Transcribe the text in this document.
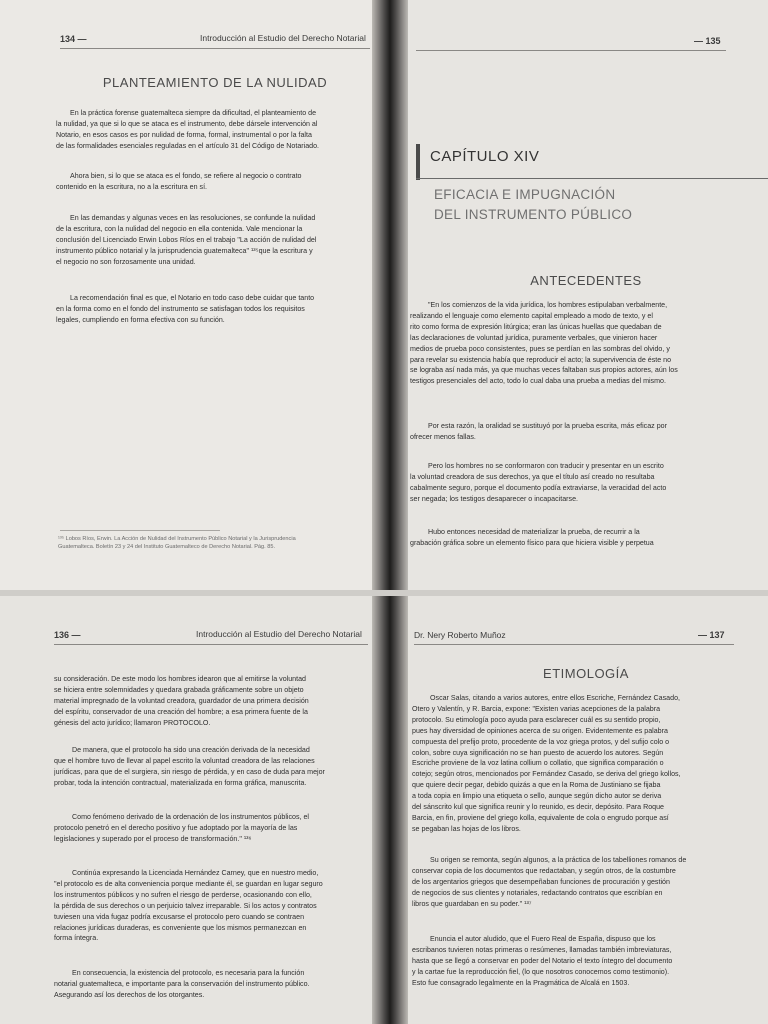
134 —	Introducción al Estudio del Derecho Notarial
PLANTEAMIENTO DE LA NULIDAD
En la práctica forense guatemalteca siempre da dificultad, el planteamiento de
la nulidad, ya que si lo que se ataca es el instrumento, debe dársele intervención al
Notario, en esos casos es por nulidad de forma, formal, instrumental o por la falta
de las formalidades esenciales reguladas en el artículo 31 del Código de Notariado.
Ahora bien, si lo que se ataca es el fondo, se refiere al negocio o contrato
contenido en la escritura, no a la escritura en sí.
En las demandas y algunas veces en las resoluciones, se confunde la nulidad
de la escritura, con la nulidad del negocio en ella contenida. Vale mencionar la
conclusión del Licenciado Erwin Lobos Ríos en el trabajo "La acción de nulidad del
instrumento público notarial y la jurisprudencia guatemalteca" ¹³⁵que la escritura y
el negocio no son forzosamente una unidad.
La recomendación final es que, el Notario en todo caso debe cuidar que tanto
en la forma como en el fondo del instrumento se satisfagan todos los requisitos
legales, cumpliendo en forma efectiva con su función.
¹³⁵ Lobos Ríos, Erwin. La Acción de Nulidad del Instrumento Público Notarial y la Jurisprudencia
Guatemalteca. Boletín 23 y 24 del Instituto Guatemalteco de Derecho Notarial. Pág. 85.
— 135
CAPÍTULO XIV
EFICACIA E IMPUGNACIÓN
DEL INSTRUMENTO PÚBLICO
ANTECEDENTES
"En los comienzos de la vida jurídica, los hombres estipulaban verbalmente,
realizando el lenguaje como elemento capital empleado a modo de texto, y el
rito como forma de expresión litúrgica; eran las únicas huellas que quedaban de
las declaraciones de voluntad jurídica, puramente verbales, que vinieron hacer
medios de prueba poco consistentes, pues se perdían en las sombras del olvido, y
para revelar su existencia había que reproducir el acto; la supervivencia de éste no
se lograba así nada más, ya que muchas veces faltaban sus propios actores, aún los
testigos presenciales del acto, todo lo cual daba una prueba a medias del mismo.
Por esta razón, la oralidad se sustituyó por la prueba escrita, más eficaz por
ofrecer menos fallas.
Pero los hombres no se conformaron con traducir y presentar en un escrito
la voluntad creadora de sus derechos, ya que el título así creado no resultaba
cabalmente seguro, porque el documento podía extraviarse, la veracidad del acto
ser negada; los testigos desaparecer o incapacitarse.
Hubo entonces necesidad de materializar la prueba, de recurrir a la
grabación gráfica sobre un elemento físico para que hiciera visible y perpetua
136 —	Introducción al Estudio del Derecho Notarial
su consideración. De este modo los hombres idearon que al emitirse la voluntad
se hiciera entre solemnidades y quedara grabada gráficamente sobre un objeto
material impregnado de la voluntad creadora, guardador de una primera decisión
del espíritu, conservador de una creación del hombre; a esa primera fuente de la
génesis del acto jurídico; llamaron PROTOCOLO.
De manera, que el protocolo ha sido una creación derivada de la necesidad
que el hombre tuvo de llevar al papel escrito la voluntad creadora de las relaciones
jurídicas, para que de el surgiera, sin riesgo de pérdida, y en caso de duda para mejor
probar, toda la intención contractual, materializada en forma gráfica, manuscrita.
Como fenómeno derivado de la ordenación de los instrumentos públicos, el
protocolo penetró en el derecho positivo y fue adoptado por la mayoría de las
legislaciones y superado por el proceso de transformación." ¹³⁶
Continúa expresando la Licenciada Hernández Carney, que en nuestro medio,
"el protocolo es de alta conveniencia porque mediante él, se guardan en lugar seguro
los instrumentos públicos y no sufren el riesgo de perderse, ocasionando con ello,
la pérdida de sus derechos o un perjuicio talvez irreparable. Si los actos y contratos
tuviesen una vida fugaz podría excusarse el protocolo pero cuando se contraen
relaciones jurídicas duraderas, es conveniente que los mismos permanezcan en
forma íntegra.
En consecuencia, la existencia del protocolo, es necesaria para la función
notarial guatemalteca, e importante para la conservación del instrumento público.
Asegurando así los derechos de los otorgantes.
Dr. Nery Roberto Muñoz	— 137
ETIMOLOGÍA
Oscar Salas, citando a varios autores, entre ellos Escriche, Fernández Casado,
Otero y Valentín, y R. Barcia, expone: "Existen varias acepciones de la palabra
protocolo. Su etimología poco ayuda para esclarecer cuál es su sentido propio,
pues hay diversidad de opiniones acerca de su origen. Evidentemente es palabra
compuesta del prefijo proto, procedente de la voz griega protos, y del sufijo colo o
colon, sobre cuya significación no se han puesto de acuerdo los autores. Según
Escriche proviene de la voz latina collium o collatio, que significa comparación o
cotejo; según otros, mencionados por Fernández Casado, se deriva del griego kollos,
que quiere decir pegar, debido quizás a que en la Roma de Justiniano se fijaba
a toda copia en limpio una etiqueta o sello, aunque según dicho autor se deriva
del sánscrito kul que significa reunir y lo reunido, es decir, depósito. Para Roque
Barcia, en fin, proviene del griego kolla, equivalente de cola o engrudo porque así
se pegaban las hojas de los libros.
Su origen se remonta, según algunos, a la práctica de los tabelliones romanos de
conservar copia de los documentos que redactaban, y según otros, de la costumbre
de los argentarios griegos que desempeñaban funciones de procuración y gestión
de negocios de sus clientes y notariales, redactando contratos que escribían en
libros que guardaban en su poder." ¹³⁷
Enuncia el autor aludido, que el Fuero Real de España, dispuso que los
escribanos tuvieren notas primeras o resúmenes, llamadas también imbreviaturas,
hasta que se llegó a conservar en poder del Notario el texto íntegro del documento
y la cartae fue la reproducción fiel, (lo que nosotros conocemos como testimonio).
Esto fue consagrado legalmente en la Pragmática de Alcalá en 1503.
